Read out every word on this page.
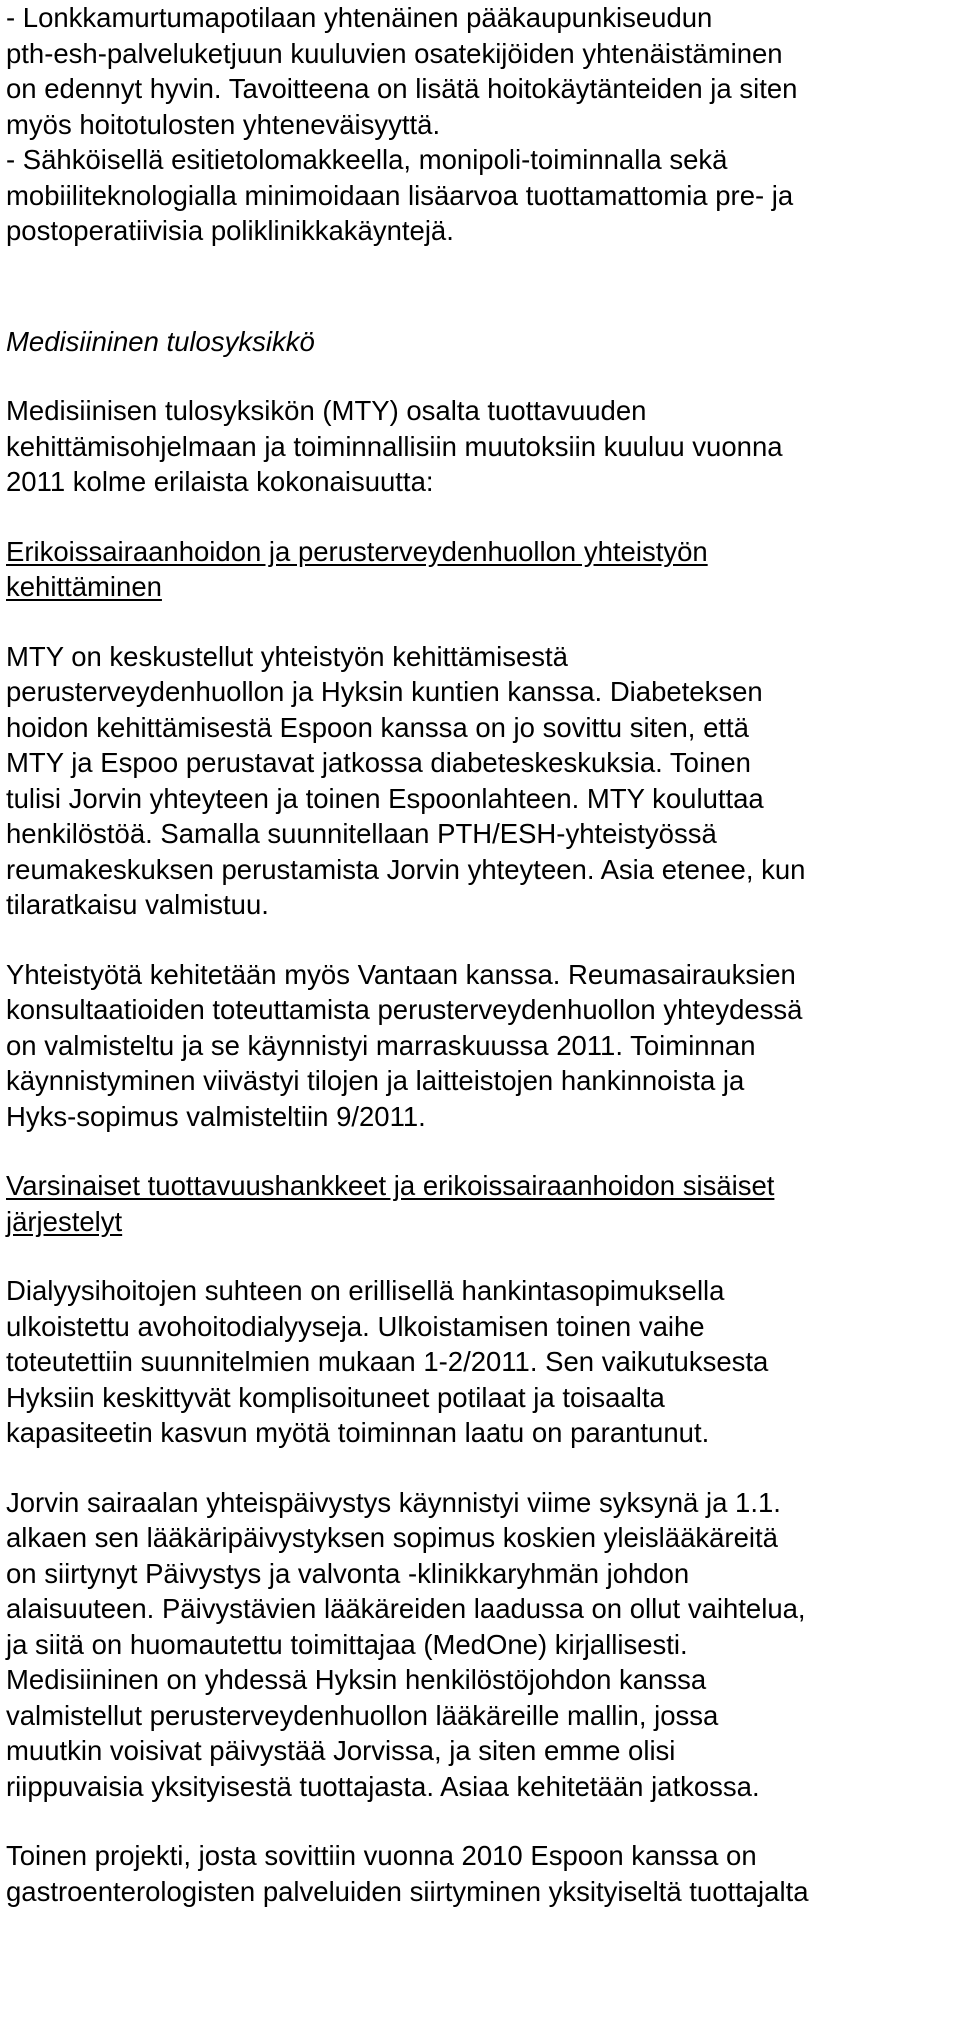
- Lonkkamurtumapotilaan yhtenäinen pääkaupunkiseudun
pth-esh-palveluketjuun kuuluvien osatekijöiden yhtenäistäminen
on edennyt hyvin. Tavoitteena on lisätä hoitokäytänteiden ja siten
myös hoitotulosten yhteneväisyyttä.
- Sähköisellä esitietolomakkeella, monipoli-toiminnalla sekä
mobiiliteknologialla minimoidaan lisäarvoa tuottamattomia pre- ja
postoperatiivisia poliklinikkakäyntejä.
Medisiininen tulosyksikkö

Medisiinisen tulosyksikön (MTY) osalta tuottavuuden
kehittämisohjelmaan ja toiminnallisiin muutoksiin kuuluu vuonna
2011 kolme erilaista kokonaisuutta:

Erikoissairaanhoidon ja perusterveydenhuollon yhteistyön
kehittäminen

MTY on keskustellut yhteistyön kehittämisestä
perusterveydenhuollon ja Hyksin kuntien kanssa. Diabeteksen
hoidon kehittämisestä Espoon kanssa on jo sovittu siten, että
MTY ja Espoo perustavat jatkossa diabeteskeskuksia. Toinen
tulisi Jorvin yhteyteen ja toinen Espoonlahteen. MTY kouluttaa
henkilöstöä. Samalla suunnitellaan PTH/ESH-yhteistyössä
reumakeskuksen perustamista Jorvin yhteyteen. Asia etenee, kun
tilaratkaisu valmistuu.

Yhteistyötä kehitetään myös Vantaan kanssa. Reumasairauksien
konsultaatioiden toteuttamista perusterveydenhuollon yhteydessä
on valmisteltu ja se käynnistyi marraskuussa 2011. Toiminnan
käynnistyminen viivästyi tilojen ja laitteistojen hankinnoista ja
Hyks-sopimus valmisteltiin 9/2011.

Varsinaiset tuottavuushankkeet ja erikoissairaanhoidon sisäiset
järjestelyt

Dialyysihoitojen suhteen on erillisellä hankintasopimuksella
ulkoistettu avohoitodialyyseja. Ulkoistamisen toinen vaihe
toteutettiin suunnitelmien mukaan 1-2/2011. Sen vaikutuksesta
Hyksiin keskittyvät komplisoituneet potilaat ja toisaalta
kapasiteetin kasvun myötä toiminnan laatu on parantunut.

Jorvin sairaalan yhteispäivystys käynnistyi viime syksynä ja 1.1.
alkaen sen lääkäripäivystyksen sopimus koskien yleislääkäreitä
on siirtynyt Päivystys ja valvonta -klinikkaryhmän johdon
alaisuuteen. Päivystävien lääkäreiden laadussa on ollut vaihtelua,
ja siitä on huomautettu toimittajaa (MedOne) kirjallisesti.
Medisiininen on yhdessä Hyksin henkilöstöjohdon kanssa
valmistellut perusterveydenhuollon lääkäreille mallin, jossa
muutkin voisivat päivystää Jorvissa, ja siten emme olisi
riippuvaisia yksityisestä tuottajasta. Asiaa kehitetään jatkossa.

Toinen projekti, josta sovittiin vuonna 2010 Espoon kanssa on
gastroenterologisten palveluiden siirtyminen yksityiseltä tuottajalta
